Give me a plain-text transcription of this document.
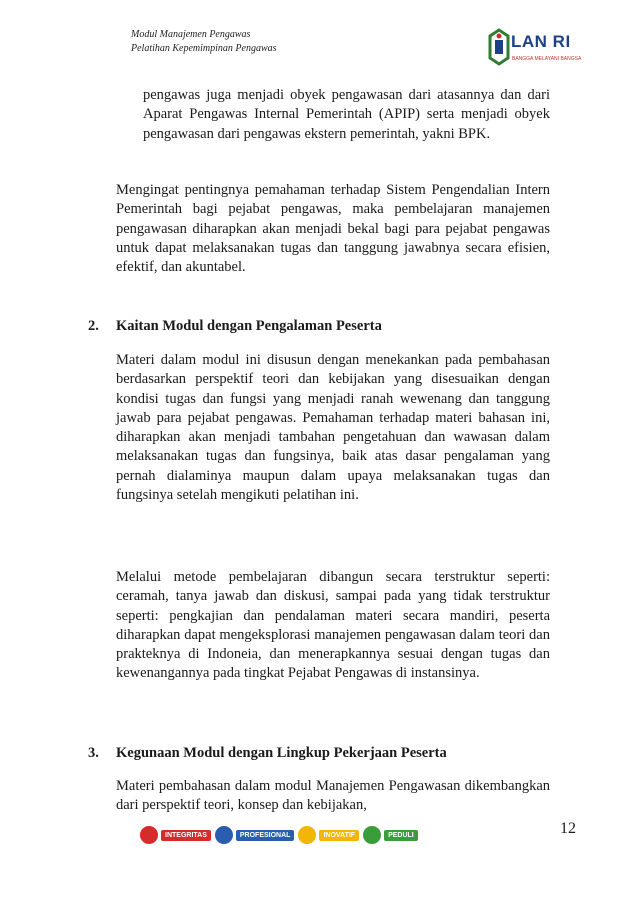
Modul Manajemen Pengawas
Pelatihan Kepemimpinan Pengawas	LAN RI
BANGGA MELAYANI BANGSA
pengawas juga menjadi obyek pengawasan dari atasannya dan dari Aparat Pengawas Internal Pemerintah (APIP) serta menjadi obyek pengawasan dari pengawas ekstern pemerintah, yakni BPK.
Mengingat pentingnya pemahaman terhadap Sistem Pengendalian Intern Pemerintah bagi pejabat pengawas, maka pembelajaran manajemen pengawasan diharapkan akan menjadi bekal bagi para pejabat pengawas untuk dapat melaksanakan tugas dan tanggung jawabnya secara efisien, efektif, dan akuntabel.
2. Kaitan Modul dengan Pengalaman Peserta
Materi dalam modul ini disusun dengan menekankan pada pembahasan berdasarkan perspektif teori dan kebijakan yang disesuaikan dengan kondisi tugas dan fungsi yang menjadi ranah wewenang dan tanggung jawab para pejabat pengawas. Pemahaman terhadap materi bahasan ini, diharapkan akan menjadi tambahan pengetahuan dan wawasan dalam melaksanakan tugas dan fungsinya, baik atas dasar pengalaman yang pernah dialaminya maupun dalam upaya melaksanakan tugas dan fungsinya setelah mengikuti pelatihan ini.
Melalui metode pembelajaran dibangun secara terstruktur seperti: ceramah, tanya jawab dan diskusi, sampai pada yang tidak terstruktur seperti: pengkajian dan pendalaman materi secara mandiri, peserta diharapkan dapat mengeksplorasi manajemen pengawasan dalam teori dan prakteknya di Indoneia, dan menerapkannya sesuai dengan tugas dan kewenangannya pada tingkat Pejabat Pengawas di instansinya.
3. Kegunaan Modul dengan Lingkup Pekerjaan Peserta
Materi pembahasan dalam modul Manajemen Pengawasan dikembangkan dari perspektif teori, konsep dan kebijakan,
INTEGRITAS	PROFESIONAL	INOVATIF	PEDULI	12
